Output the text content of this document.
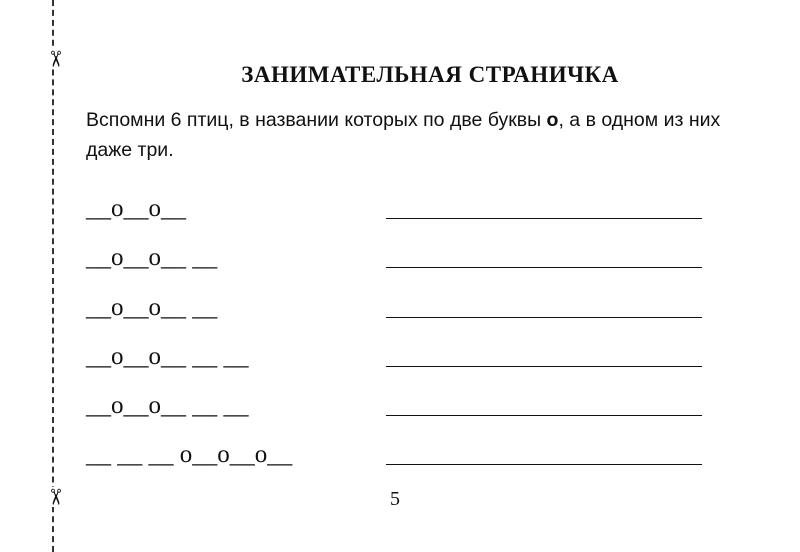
✂
✂
ЗАНИМАТЕЛЬНАЯ СТРАНИЧКА
Вспомни 6 птиц, в названии которых по две буквы о, а в одном из них даже три.
__о__о__
__о__о__ __
__о__о__ __
__о__о__ __ __
__о__о__ __ __
__ __ __ о__о__о__
5
